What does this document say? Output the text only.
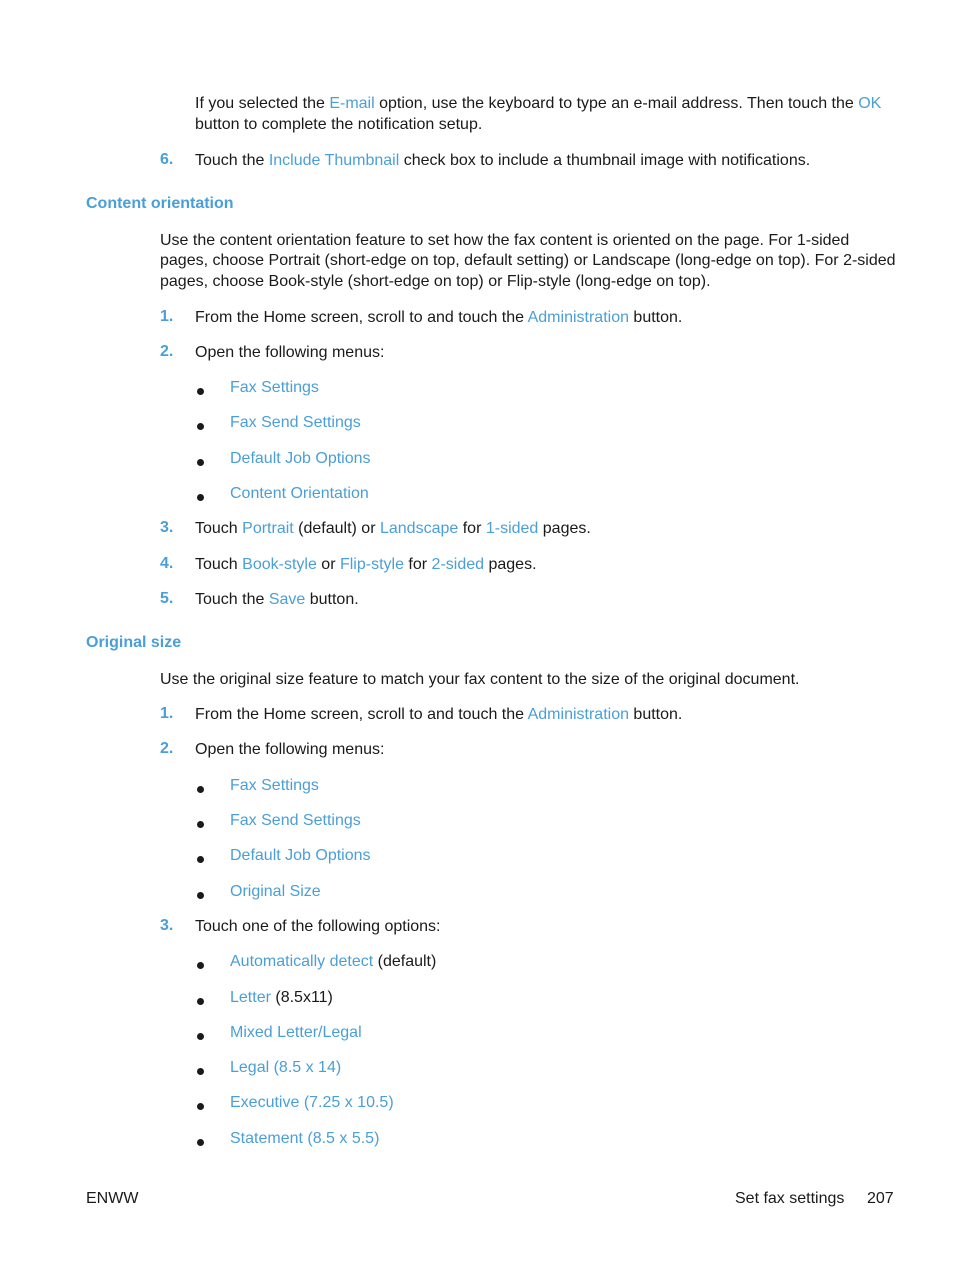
If you selected the E-mail option, use the keyboard to type an e-mail address. Then touch the OK

button to complete the notification setup.

6. Touch the Include Thumbnail check box to include a thumbnail image with notifications.

Content orientation

Use the content orientation feature to set how the fax content is oriented on the page. For 1-sided

pages, choose Portrait (short-edge on top, default setting) or Landscape (long-edge on top). For 2-sided

pages, choose Book-style (short-edge on top) or Flip-style (long-edge on top).

1. From the Home screen, scroll to and touch the Administration button.

2. Open the following menus:

Fax Settings

Fax Send Settings

Default Job Options

Content Orientation

3. Touch Portrait (default) or Landscape for 1-sided pages.

4. Touch Book-style or Flip-style for 2-sided pages.

5. Touch the Save button.

Original size

Use the original size feature to match your fax content to the size of the original document.

1. From the Home screen, scroll to and touch the Administration button.

2. Open the following menus:

Fax Settings

Fax Send Settings

Default Job Options

Original Size

3. Touch one of the following options:

Automatically detect (default)

Letter (8.5x11)

Mixed Letter/Legal

Legal (8.5 x 14)

Executive (7.25 x 10.5)

Statement (8.5 x 5.5)

ENWW	Set fax settings 207
